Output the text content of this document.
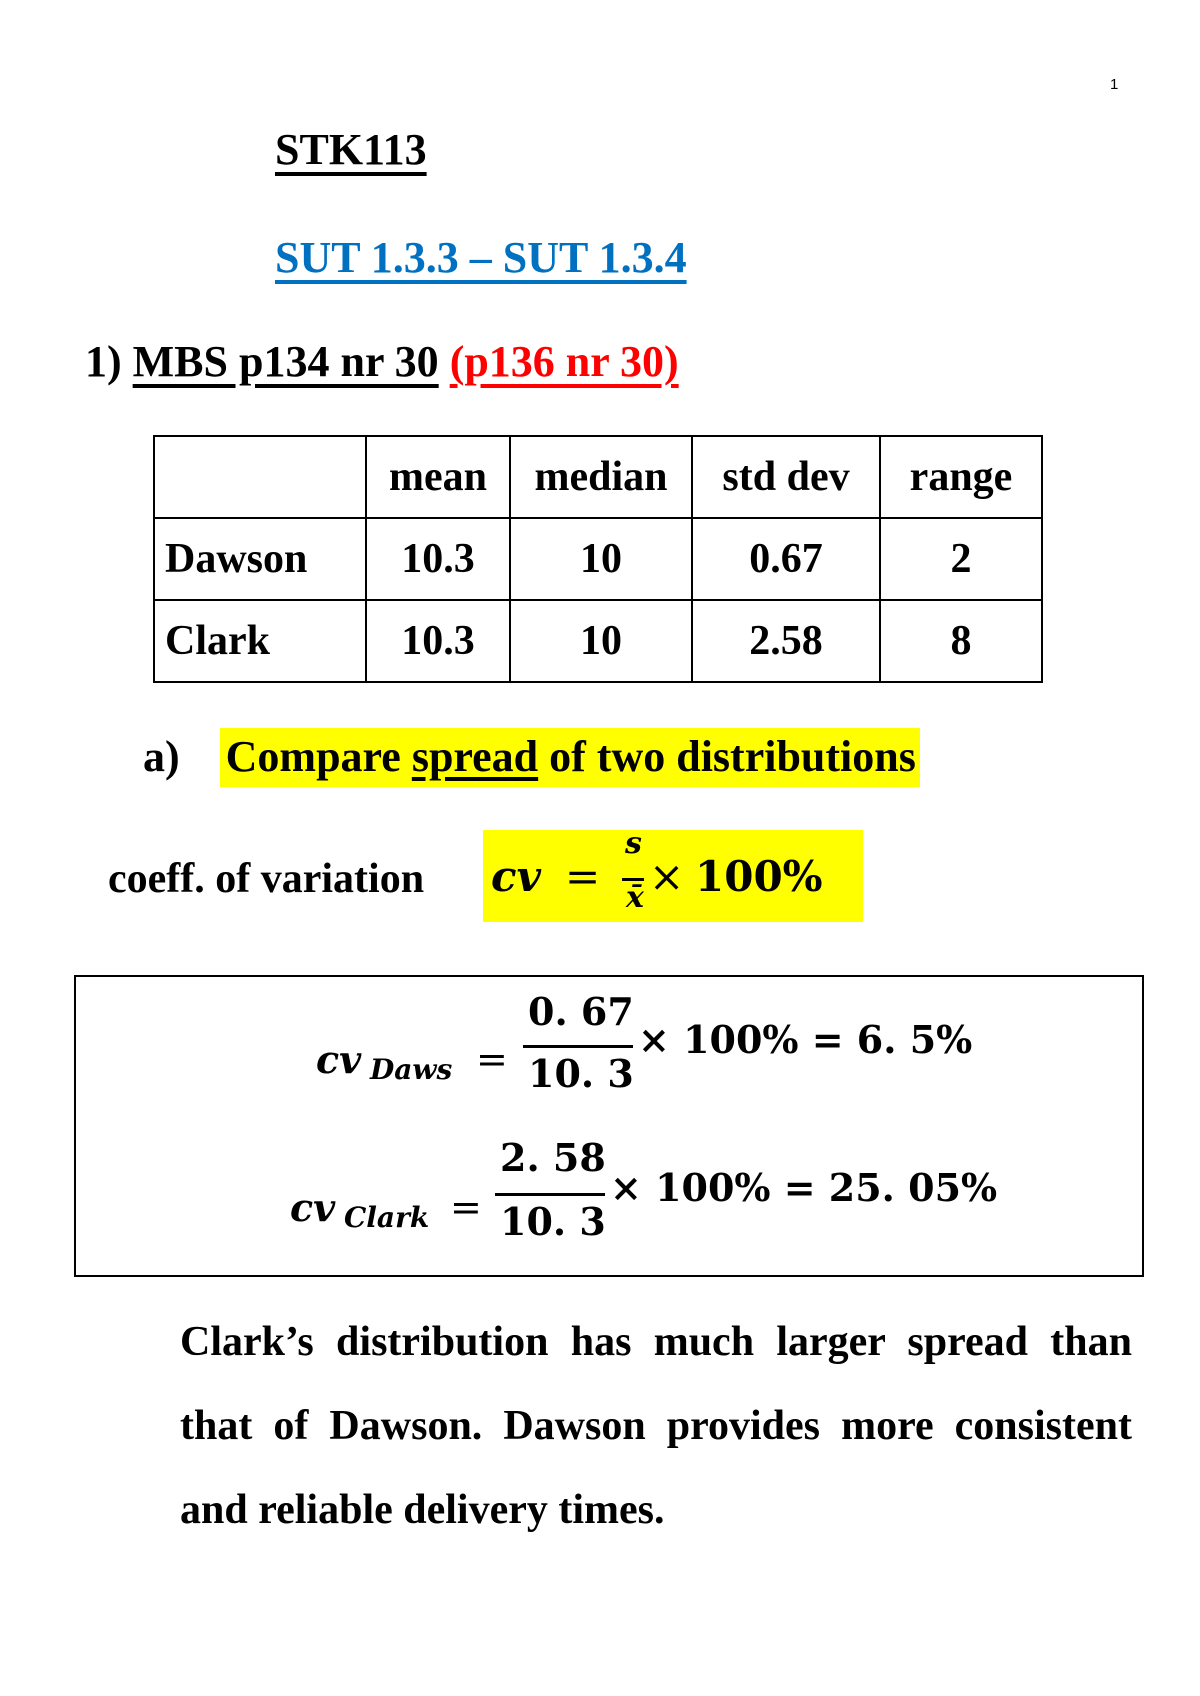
1
STK113
SUT 1.3.3 – SUT 1.3.4
1) MBS p134 nr 30 (p136 nr 30)
	mean	median	std dev	range
Dawson	10.3	10	0.67	2
Clark	10.3	10	2.58	8
a) Compare spread of two distributions
coeff. of variation cv =
s
x̄ × 100%
cv Daws =
0. 67
10. 3
× 100% = 6. 5%
cv Clark =
2. 58
10. 3
× 100% = 25. 05%
Clark’s distribution has much larger spread than that of Dawson. Dawson provides more consistent and reliable delivery times.
